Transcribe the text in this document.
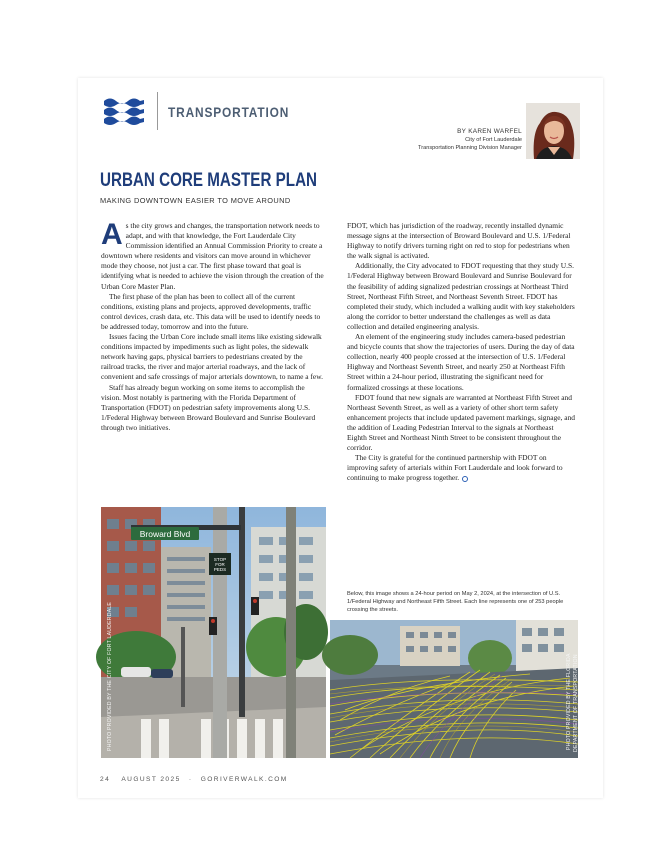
TRANSPORTATION
BY KAREN WARFEL
City of Fort Lauderdale
Transportation Planning Division Manager
URBAN CORE MASTER PLAN
MAKING DOWNTOWN EASIER TO MOVE AROUND

As the city grows and changes, the transportation network needs to adapt, and with that knowledge, the Fort Lauderdale City Commission identified an Annual Commission Priority to create a downtown where residents and visitors can move around in whichever mode they choose, not just a car. The first phase toward that goal is identifying what is needed to achieve the vision through the creation of the Urban Core Master Plan.

The first phase of the plan has been to collect all of the current conditions, existing plans and projects, approved developments, traffic control devices, crash data, etc. This data will be used to identify needs to be addressed today, tomorrow and into the future.

Issues facing the Urban Core include small items like existing sidewalk conditions impacted by impediments such as light poles, the sidewalk network having gaps, physical barriers to pedestrians created by the railroad tracks, the river and major arterial roadways, and the lack of convenient and safe crossings of major arterials downtown, to name a few.

Staff has already begun working on some items to accomplish the vision. Most notably is partnering with the Florida Department of Transportation (FDOT) on pedestrian safety improvements along U.S. 1/Federal Highway between Broward Boulevard and Sunrise Boulevard through two initiatives.

FDOT, which has jurisdiction of the roadway, recently installed dynamic message signs at the intersection of Broward Boulevard and U.S. 1/Federal Highway to notify drivers turning right on red to stop for pedestrians when the walk signal is activated.

Additionally, the City advocated to FDOT requesting that they study U.S. 1/Federal Highway between Broward Boulevard and Sunrise Boulevard for the feasibility of adding signalized pedestrian crossings at Northeast Third Street, Northeast Fifth Street, and Northeast Seventh Street. FDOT has completed their study, which included a walking audit with key stakeholders along the corridor to better understand the challenges as well as data collection and detailed engineering analysis.

An element of the engineering study includes camera-based pedestrian and bicycle counts that show the trajectories of users. During the day of data collection, nearly 400 people crossed at the intersection of U.S. 1/Federal Highway and Northeast Seventh Street, and nearly 250 at Northeast Fifth Street within a 24-hour period, illustrating the significant need for formalized crossings at these locations.

FDOT found that new signals are warranted at Northeast Fifth Street and Northeast Seventh Street, as well as a variety of other short term safety enhancement projects that include updated pavement markings, signage, and the addition of Leading Pedestrian Interval to the signals at Northeast Eighth Street and Northeast Ninth Street to be consistent throughout the corridor.

The City is grateful for the continued partnership with FDOT on improving safety of arterials within Fort Lauderdale and look forward to continuing to make progress together.

Broward Blvd
STOP
FOR
PEDS
PHOTO PROVIDED BY THE CITY OF FORT LAUDERDALE
Below, this image shows a 24-hour period on May 2, 2024, at the intersection of U.S. 1/Federal Highway and Northeast Fifth Street. Each line represents one of 253 people crossing the streets.
PHOTO PROVIDED BY THE FLORIDA DEPARTMENT OF TRANSPORTATION
24 AUGUST 2025 · GORIVERWALK.COM
